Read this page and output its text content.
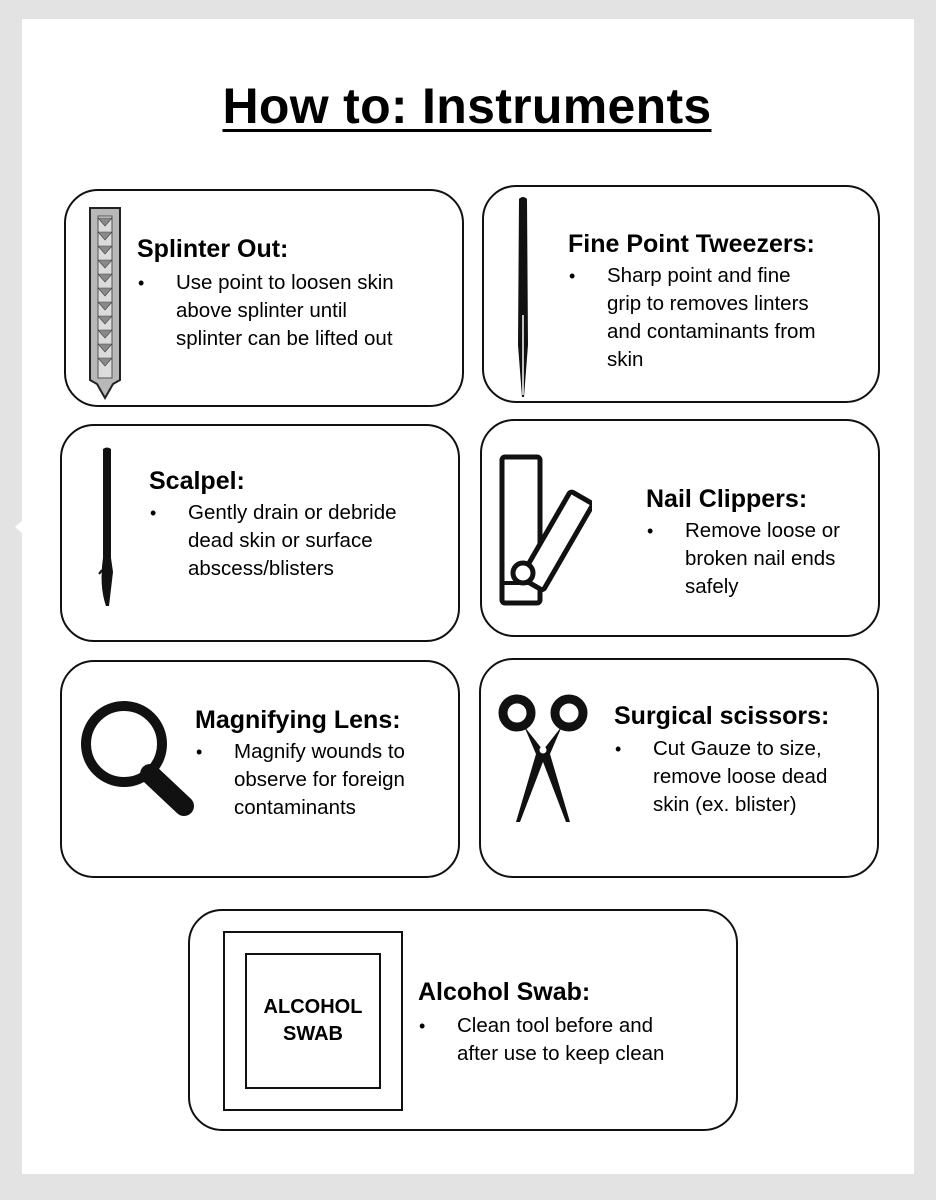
How to: Instruments
Splinter Out:
• Use point to loosen skin
above splinter until
splinter can be lifted out
Fine Point Tweezers:
• Sharp point and fine
grip to removes linters
and contaminants from
skin
Scalpel:
• Gently drain or debride
dead skin or surface
abscess/blisters
Nail Clippers:
• Remove loose or
broken nail ends
safely
Magnifying Lens:
• Magnify wounds to
observe for foreign
contaminants
Surgical scissors:
• Cut Gauze to size,
remove loose dead
skin (ex. blister)
ALCOHOL
SWAB
Alcohol Swab:
• Clean tool before and
after use to keep clean
